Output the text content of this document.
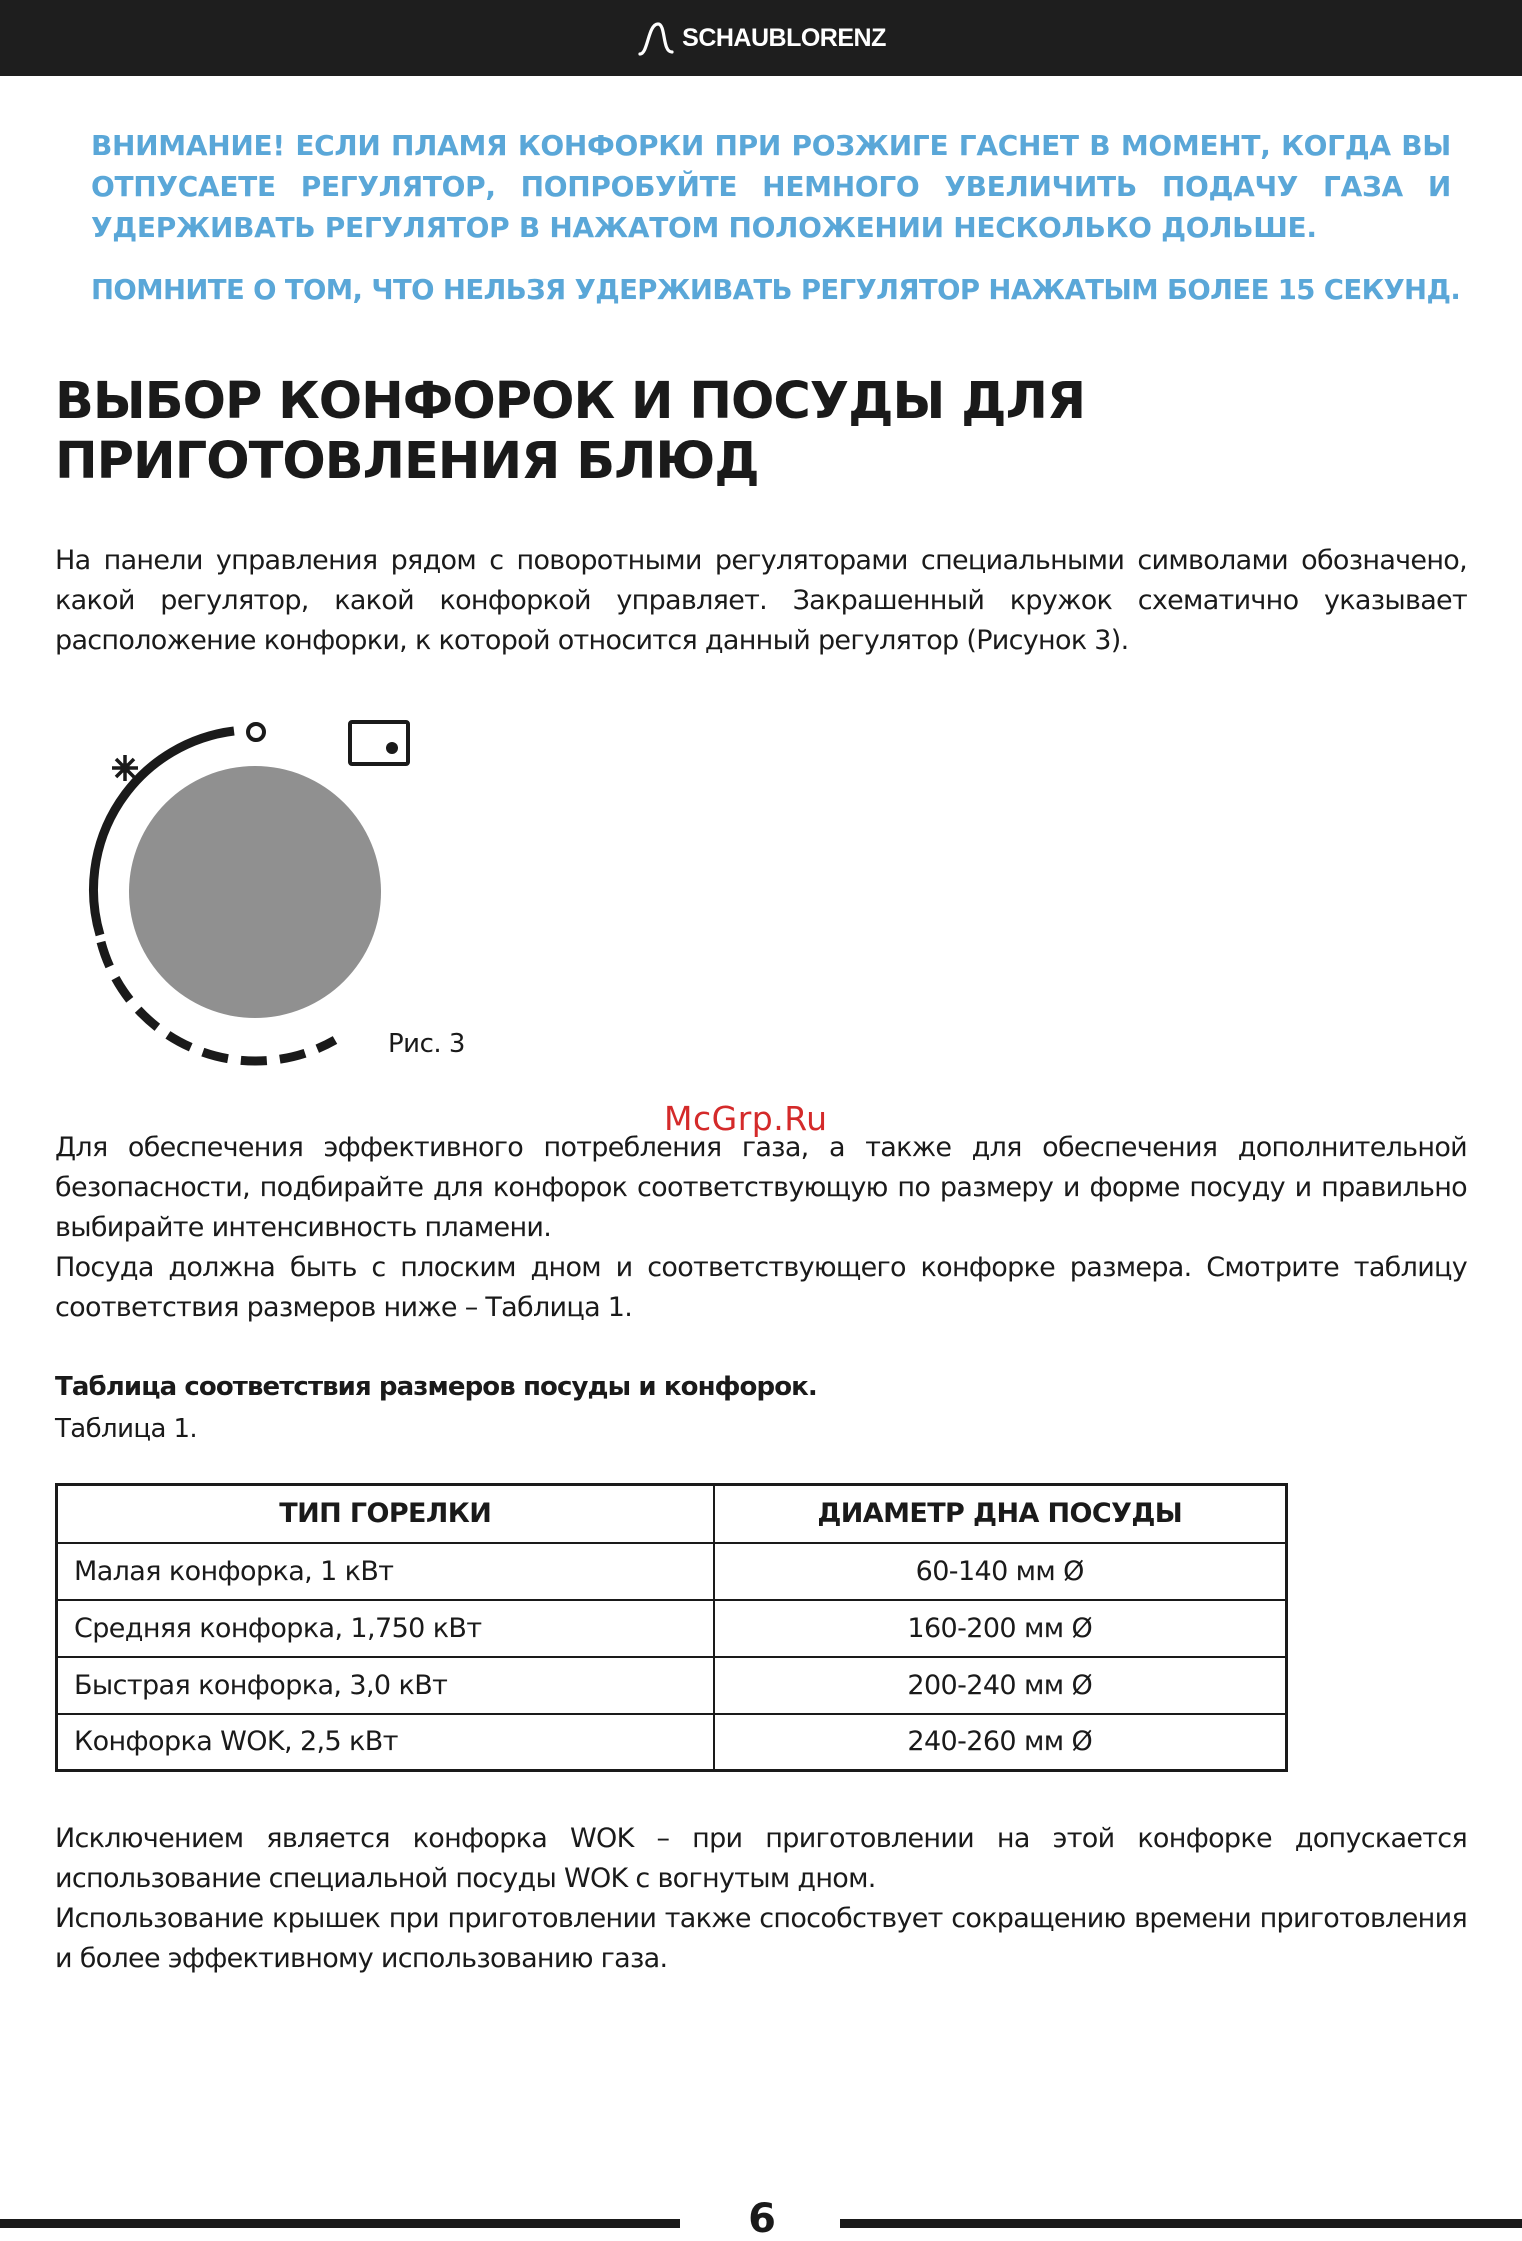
SCHAUBLORENZ
ВНИМАНИЕ! ЕСЛИ ПЛАМЯ КОНФОРКИ ПРИ РОЗЖИГЕ ГАСНЕТ В МОМЕНТ, КОГДА ВЫ ОТПУСАЕТЕ РЕГУЛЯТОР, ПОПРОБУЙТЕ НЕМНОГО УВЕЛИЧИТЬ ПОДАЧУ ГАЗА И УДЕРЖИВАТЬ РЕГУЛЯТОР В НАЖАТОМ ПОЛОЖЕНИИ НЕСКОЛЬКО ДОЛЬШЕ.
ПОМНИТЕ О ТОМ, ЧТО НЕЛЬЗЯ УДЕРЖИВАТЬ РЕГУЛЯТОР НАЖАТЫМ БОЛЕЕ 15 СЕКУНД.
ВЫБОР КОНФОРОК И ПОСУДЫ ДЛЯ ПРИГОТОВЛЕНИЯ БЛЮД

На панели управления рядом с поворотными регуляторами специальными символами обозначено, какой регулятор, какой конфоркой управляет. Закрашенный кружок схематично указывает расположение конфорки, к которой относится данный регулятор (Рисунок 3).

Рис. 3
McGrp.Ru

Для обеспечения эффективного потребления газа, а также для обеспечения дополнительной безопасности, подбирайте для конфорок соответствующую по размеру и форме посуду и правильно выбирайте интенсивность пламени.

Посуда должна быть с плоским дном и соответствующего конфорке размера. Смотрите таблицу соответствия размеров ниже – Таблица 1.

Таблица соответствия размеров посуды и конфорок.
Таблица 1.
ТИП ГОРЕЛКИ	ДИАМЕТР ДНА ПОСУДЫ
Малая конфорка, 1 кВт	60-140 мм Ø
Средняя конфорка, 1,750 кВт	160-200 мм Ø
Быстрая конфорка, 3,0 кВт	200-240 мм Ø
Конфорка WOK, 2,5 кВт	240-260 мм Ø

Исключением является конфорка WOK – при приготовлении на этой конфорке допускается использование специальной посуды WOK с вогнутым дном.

Использование крышек при приготовлении также способствует сокращению времени приготовления и более эффективному использованию газа.

6
